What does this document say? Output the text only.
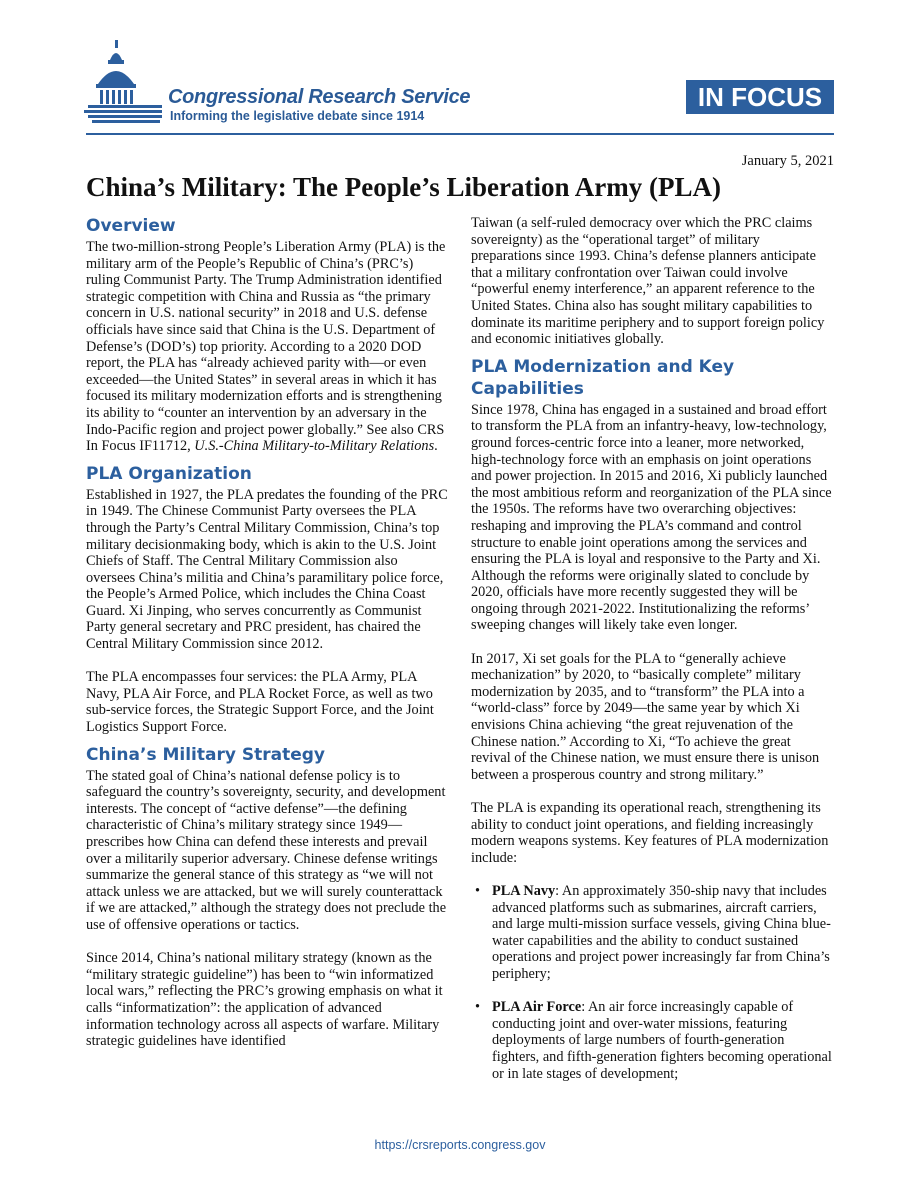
Congressional Research Service
Informing the legislative debate since 1914
IN FOCUS
January 5, 2021
China’s Military: The People’s Liberation Army (PLA)
Overview

The two-million-strong People’s Liberation Army (PLA) is the military arm of the People’s Republic of China’s (PRC’s) ruling Communist Party. The Trump Administration identified strategic competition with China and Russia as “the primary concern in U.S. national security” in 2018 and U.S. defense officials have since said that China is the U.S. Department of Defense’s (DOD’s) top priority. According to a 2020 DOD report, the PLA has “already achieved parity with—or even exceeded—the United States” in several areas in which it has focused its military modernization efforts and is strengthening its ability to “counter an intervention by an adversary in the Indo-Pacific region and project power globally.” See also CRS In Focus IF11712, U.S.-China Military-to-Military Relations.

PLA Organization

Established in 1927, the PLA predates the founding of the PRC in 1949. The Chinese Communist Party oversees the PLA through the Party’s Central Military Commission, China’s top military decisionmaking body, which is akin to the U.S. Joint Chiefs of Staff. The Central Military Commission also oversees China’s militia and China’s paramilitary police force, the People’s Armed Police, which includes the China Coast Guard. Xi Jinping, who serves concurrently as Communist Party general secretary and PRC president, has chaired the Central Military Commission since 2012.

The PLA encompasses four services: the PLA Army, PLA Navy, PLA Air Force, and PLA Rocket Force, as well as two sub-service forces, the Strategic Support Force, and the Joint Logistics Support Force.

China’s Military Strategy

The stated goal of China’s national defense policy is to safeguard the country’s sovereignty, security, and development interests. The concept of “active defense”—the defining characteristic of China’s military strategy since 1949—prescribes how China can defend these interests and prevail over a militarily superior adversary. Chinese defense writings summarize the general stance of this strategy as “we will not attack unless we are attacked, but we will surely counterattack if we are attacked,” although the strategy does not preclude the use of offensive operations or tactics.

Since 2014, China’s national military strategy (known as the “military strategic guideline”) has been to “win informatized local wars,” reflecting the PRC’s growing emphasis on what it calls “informatization”: the application of advanced information technology across all aspects of warfare. Military strategic guidelines have identified

Taiwan (a self-ruled democracy over which the PRC claims sovereignty) as the “operational target” of military preparations since 1993. China’s defense planners anticipate that a military confrontation over Taiwan could involve “powerful enemy interference,” an apparent reference to the United States. China also has sought military capabilities to dominate its maritime periphery and to support foreign policy and economic initiatives globally.

PLA Modernization and Key Capabilities

Since 1978, China has engaged in a sustained and broad effort to transform the PLA from an infantry-heavy, low-technology, ground forces-centric force into a leaner, more networked, high-technology force with an emphasis on joint operations and power projection. In 2015 and 2016, Xi publicly launched the most ambitious reform and reorganization of the PLA since the 1950s. The reforms have two overarching objectives: reshaping and improving the PLA’s command and control structure to enable joint operations among the services and ensuring the PLA is loyal and responsive to the Party and Xi. Although the reforms were originally slated to conclude by 2020, officials have more recently suggested they will be ongoing through 2021-2022. Institutionalizing the reforms’ sweeping changes will likely take even longer.

In 2017, Xi set goals for the PLA to “generally achieve mechanization” by 2020, to “basically complete” military modernization by 2035, and to “transform” the PLA into a “world-class” force by 2049—the same year by which Xi envisions China achieving “the great rejuvenation of the Chinese nation.” According to Xi, “To achieve the great revival of the Chinese nation, we must ensure there is unison between a prosperous country and strong military.”

The PLA is expanding its operational reach, strengthening its ability to conduct joint operations, and fielding increasingly modern weapons systems. Key features of PLA modernization include:

• PLA Navy: An approximately 350-ship navy that includes advanced platforms such as submarines, aircraft carriers, and large multi-mission surface vessels, giving China blue-water capabilities and the ability to conduct sustained operations and project power increasingly far from China’s periphery;
• PLA Air Force: An air force increasingly capable of conducting joint and over-water missions, featuring deployments of large numbers of fourth-generation fighters, and fifth-generation fighters becoming operational or in late stages of development;
https://crsreports.congress.gov
